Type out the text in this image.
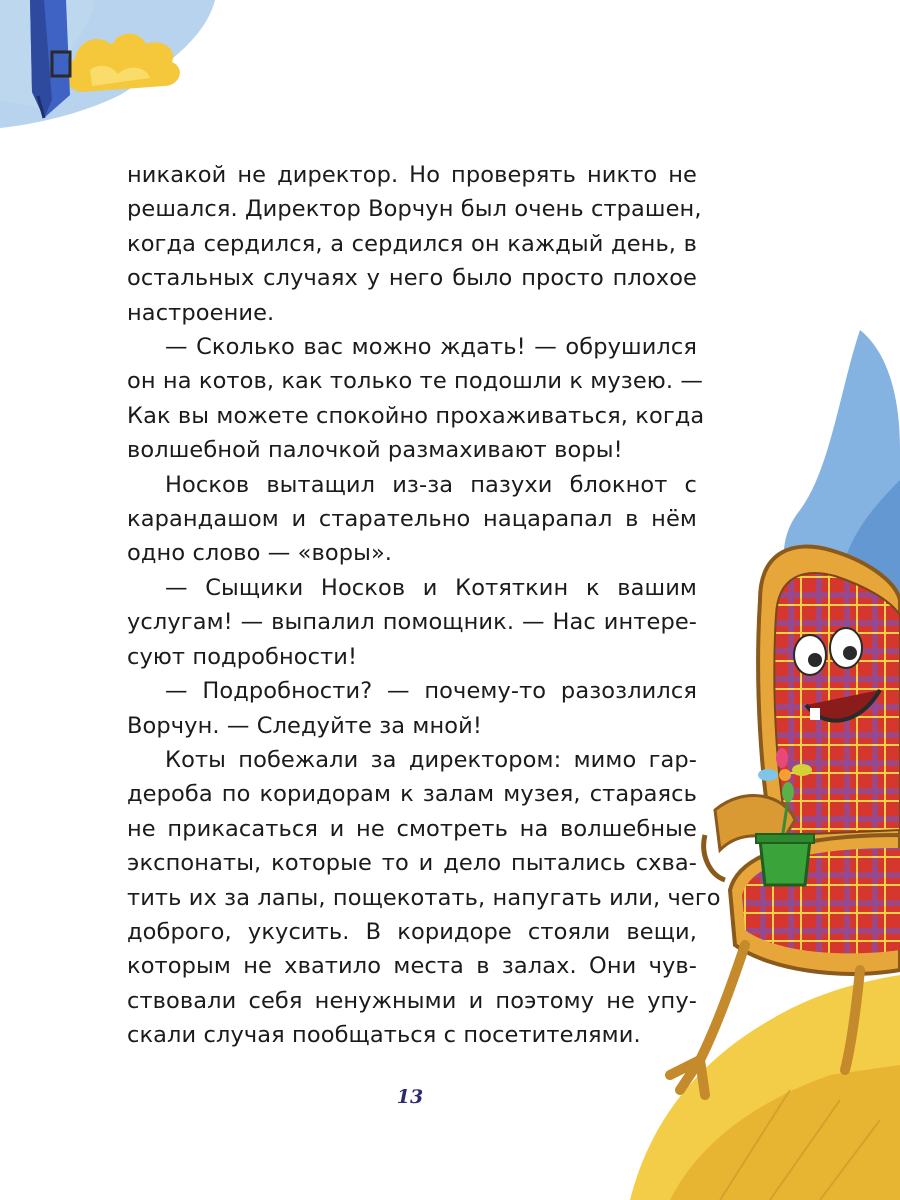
никакой не директор. Но проверять никто не
решался. Директор Ворчун был очень страшен,
когда сердился, а сердился он каждый день, в
остальных случаях у него было просто плохое
настроение.
— Сколько вас можно ждать! — обрушился
он на котов, как только те подошли к музею. —
Как вы можете спокойно прохаживаться, когда
волшебной палочкой размахивают воры!
Носков вытащил из-за пазухи блокнот с
карандашом и старательно нацарапал в нём
одно слово — «воры».
— Сыщики Носков и Котяткин к вашим
услугам! — выпалил помощник. — Нас интере-
суют подробности!
— Подробности? — почему-то разозлился
Ворчун. — Следуйте за мной!
Коты побежали за директором: мимо гар-
дероба по коридорам к залам музея, стараясь
не прикасаться и не смотреть на волшебные
экспонаты, которые то и дело пытались схва-
тить их за лапы, пощекотать, напугать или, чего
доброго, укусить. В коридоре стояли вещи,
которым не хватило места в залах. Они чув-
ствовали себя ненужными и поэтому не упу-
скали случая пообщаться с посетителями.
13
